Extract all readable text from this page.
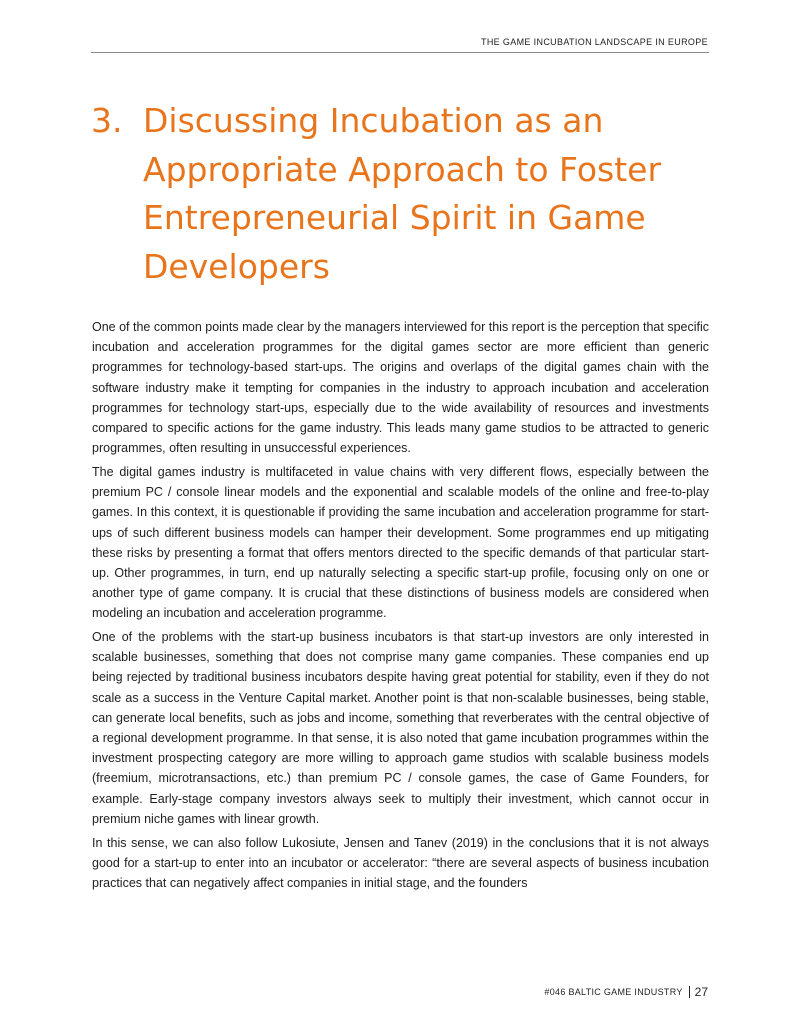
THE GAME INCUBATION LANDSCAPE IN EUROPE
3. Discussing Incubation as an Appropriate Approach to Foster Entrepreneurial Spirit in Game Developers

One of the common points made clear by the managers interviewed for this report is the perception that specific incubation and acceleration programmes for the digital games sector are more efficient than generic programmes for technology-based start-ups. The origins and overlaps of the digital games chain with the software industry make it tempting for companies in the industry to approach incubation and acceleration programmes for technology start-ups, especially due to the wide availability of resources and investments compared to specific actions for the game industry. This leads many game studios to be attracted to generic programmes, often resulting in unsuccessful experiences.

The digital games industry is multifaceted in value chains with very different flows, especially between the premium PC / console linear models and the exponential and scalable models of the online and free-to-play games. In this context, it is questionable if providing the same incubation and acceleration programme for start-ups of such different business models can hamper their development. Some programmes end up mitigating these risks by presenting a format that offers mentors directed to the specific demands of that particular start-up. Other programmes, in turn, end up naturally selecting a specific start-up profile, focusing only on one or another type of game company. It is crucial that these distinctions of business models are considered when modeling an incubation and acceleration programme.

One of the problems with the start-up business incubators is that start-up investors are only interested in scalable businesses, something that does not comprise many game companies. These companies end up being rejected by traditional business incubators despite having great potential for stability, even if they do not scale as a success in the Venture Capital market. Another point is that non-scalable businesses, being stable, can generate local benefits, such as jobs and income, something that reverberates with the central objective of a regional development programme. In that sense, it is also noted that game incubation programmes within the investment prospecting category are more willing to approach game studios with scalable business models (freemium, microtransactions, etc.) than premium PC / console games, the case of Game Founders, for example. Early-stage company investors always seek to multiply their investment, which cannot occur in premium niche games with linear growth.

In this sense, we can also follow Lukosiute, Jensen and Tanev (2019) in the conclusions that it is not always good for a start-up to enter into an incubator or accelerator: “there are several aspects of business incubation practices that can negatively affect companies in initial stage, and the founders

#046 BALTIC GAME INDUSTRY 27
